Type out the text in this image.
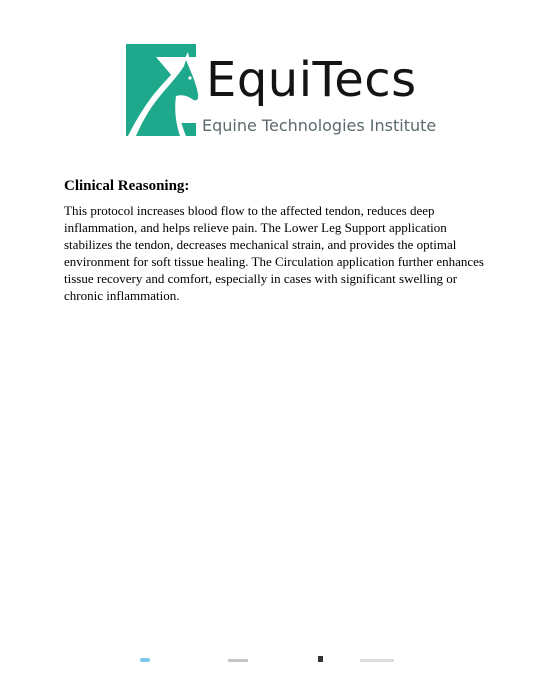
EquiTecs
Equine Technologies Institute
Clinical Reasoning:

This protocol increases blood flow to the affected tendon, reduces deep inflammation, and helps relieve pain. The Lower Leg Support application stabilizes the tendon, decreases mechanical strain, and provides the optimal environment for soft tissue healing. The Circulation application further enhances tissue recovery and comfort, especially in cases with significant swelling or chronic inflammation.
